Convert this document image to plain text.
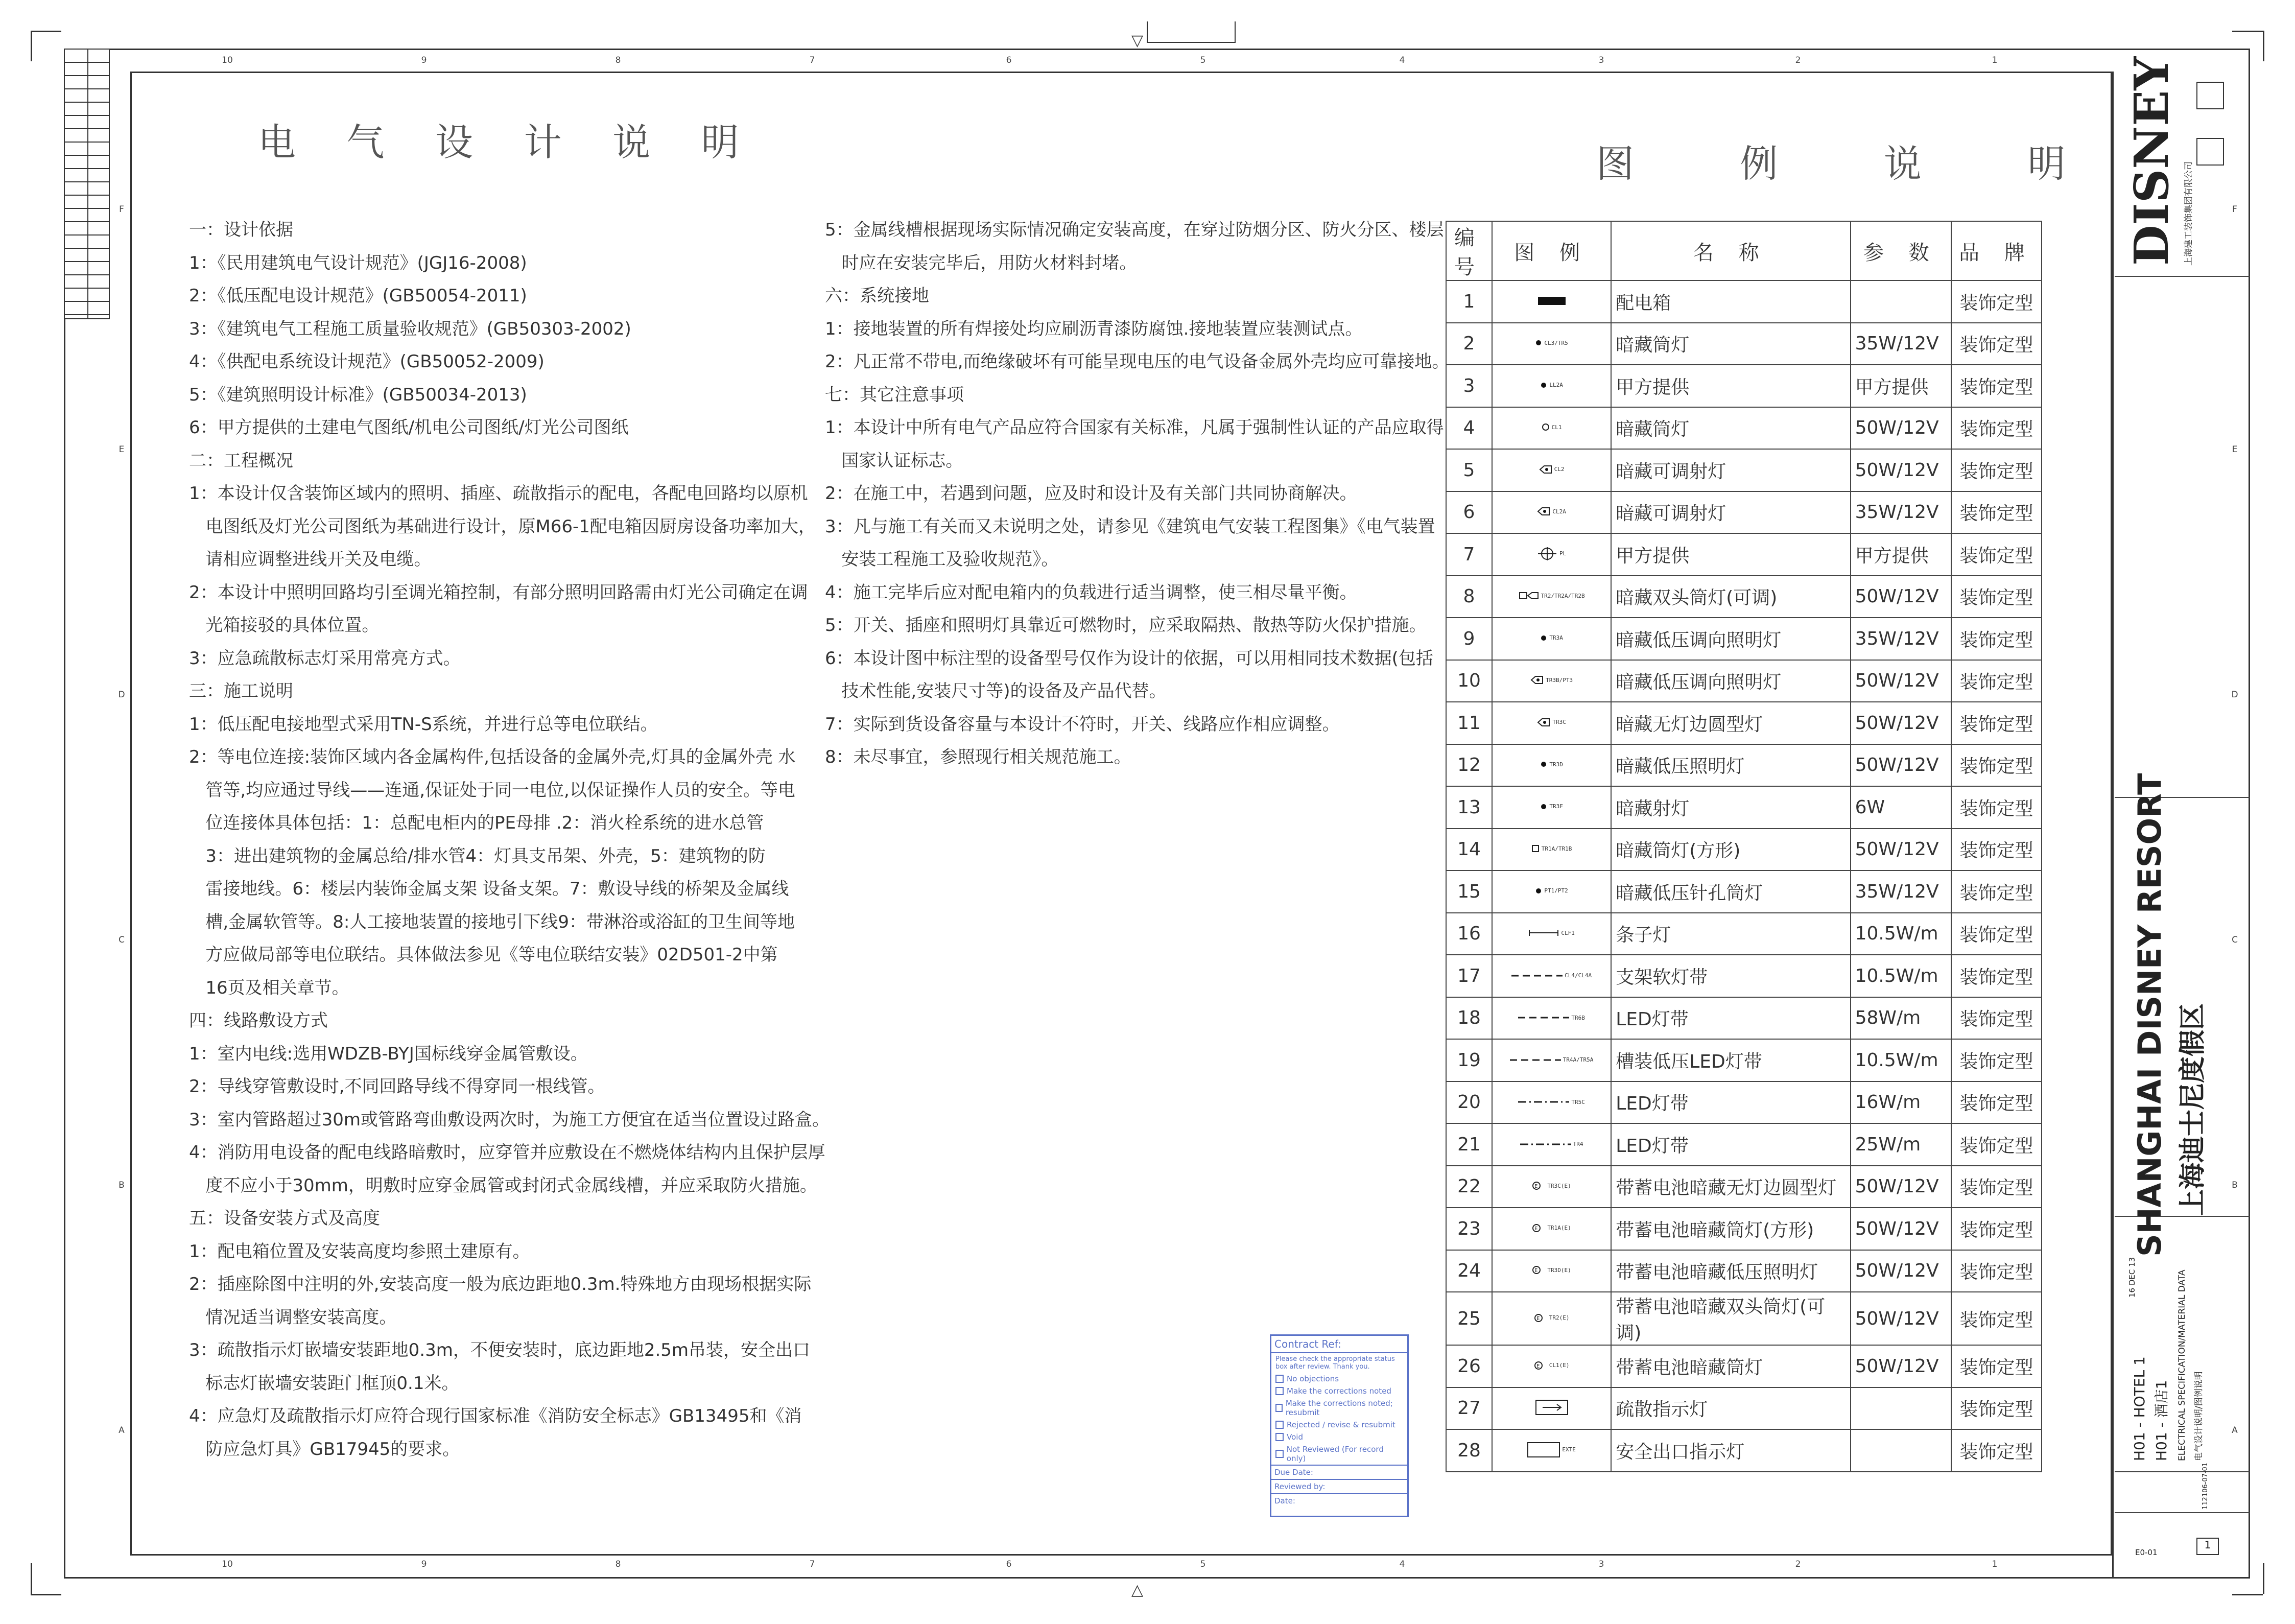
▽
△
10	9	8	7	6	5	4	3	2	1
10	9	8	7	6	5	4	3	2	1
F
E
D
C
B
A
F
E
D
C
B
A
电 气 设 计 说 明	图 例 说 明
一：设计依据
1：《民用建筑电气设计规范》(JGJ16-2008)
2：《低压配电设计规范》(GB50054-2011)
3：《建筑电气工程施工质量验收规范》(GB50303-2002)
4：《供配电系统设计规范》(GB50052-2009)
5：《建筑照明设计标准》(GB50034-2013)
6：甲方提供的土建电气图纸/机电公司图纸/灯光公司图纸
二：工程概况
1：本设计仅含装饰区域内的照明、插座、疏散指示的配电，各配电回路均以原机
电图纸及灯光公司图纸为基础进行设计，原M66-1配电箱因厨房设备功率加大，
请相应调整进线开关及电缆。
2：本设计中照明回路均引至调光箱控制，有部分照明回路需由灯光公司确定在调
光箱接驳的具体位置。
3：应急疏散标志灯采用常亮方式。
三：施工说明
1：低压配电接地型式采用TN-S系统，并进行总等电位联结。
2：等电位连接:装饰区域内各金属构件,包括设备的金属外壳,灯具的金属外壳 水
管等,均应通过导线——连通,保证处于同一电位,以保证操作人员的安全。等电
位连接体具体包括：1：总配电柜内的PE母排 .2：消火栓系统的进水总管
3：进出建筑物的金属总给/排水管4：灯具支吊架、外壳，5：建筑物的防
雷接地线。6：楼层内装饰金属支架 设备支架。7：敷设导线的桥架及金属线
槽,金属软管等。8:人工接地装置的接地引下线9：带淋浴或浴缸的卫生间等地
方应做局部等电位联结。具体做法参见《等电位联结安装》02D501-2中第
16页及相关章节。
四：线路敷设方式
1：室内电线:选用WDZB-BYJ国标线穿金属管敷设。
2：导线穿管敷设时,不同回路导线不得穿同一根线管。
3：室内管路超过30m或管路弯曲敷设两次时，为施工方便宜在适当位置设过路盒。
4：消防用电设备的配电线路暗敷时，应穿管并应敷设在不燃烧体结构内且保护层厚
度不应小于30mm，明敷时应穿金属管或封闭式金属线槽，并应采取防火措施。
五：设备安装方式及高度
1：配电箱位置及安装高度均参照土建原有。
2：插座除图中注明的外,安装高度一般为底边距地0.3m.特殊地方由现场根据实际
情况适当调整安装高度。
3：疏散指示灯嵌墙安装距地0.3m，不便安装时，底边距地2.5m吊装，安全出口
标志灯嵌墙安装距门框顶0.1米。
4：应急灯及疏散指示灯应符合现行国家标准《消防安全标志》GB13495和《消
防应急灯具》GB17945的要求。
5：金属线槽根据现场实际情况确定安装高度，在穿过防烟分区、防火分区、楼层
时应在安装完毕后，用防火材料封堵。
六：系统接地
1：接地装置的所有焊接处均应刷沥青漆防腐蚀.接地装置应装测试点。
2：凡正常不带电,而绝缘破坏有可能呈现电压的电气设备金属外壳均应可靠接地。
七：其它注意事项
1：本设计中所有电气产品应符合国家有关标准，凡属于强制性认证的产品应取得
国家认证标志。
2：在施工中，若遇到问题，应及时和设计及有关部门共同协商解决。
3：凡与施工有关而又未说明之处，请参见《建筑电气安装工程图集》《电气装置
安装工程施工及验收规范》。
4：施工完毕后应对配电箱内的负载进行适当调整，使三相尽量平衡。
5：开关、插座和照明灯具靠近可燃物时，应采取隔热、散热等防火保护措施。
6：本设计图中标注型的设备型号仅作为设计的依据，可以用相同技术数据(包括
技术性能,安装尺寸等)的设备及产品代替。
7：实际到货设备容量与本设计不符时，开关、线路应作相应调整。
8：未尽事宜，参照现行相关规范施工。
编号	图 例	名 称	参 数	品 牌
1		配电箱		装饰定型
2	CL3/TR5	暗藏筒灯	35W/12V	装饰定型
3	LL2A	甲方提供	甲方提供	装饰定型
4	CL1	暗藏筒灯	50W/12V	装饰定型
5	CL2	暗藏可调射灯	50W/12V	装饰定型
6	CL2A	暗藏可调射灯	35W/12V	装饰定型
7	PL	甲方提供	甲方提供	装饰定型
8	TR2/TR2A/TR2B	暗藏双头筒灯(可调)	50W/12V	装饰定型
9	TR3A	暗藏低压调向照明灯	35W/12V	装饰定型
10	TR3B/PT3	暗藏低压调向照明灯	50W/12V	装饰定型
11	TR3C	暗藏无灯边圆型灯	50W/12V	装饰定型
12	TR3D	暗藏低压照明灯	50W/12V	装饰定型
13	TR3F	暗藏射灯	6W	装饰定型
14	TR1A/TR1B	暗藏筒灯(方形)	50W/12V	装饰定型
15	PT1/PT2	暗藏低压针孔筒灯	35W/12V	装饰定型
16	CLF1	条子灯	10.5W/m	装饰定型
17	CL4/CL4A	支架软灯带	10.5W/m	装饰定型
18	TR6B	LED灯带	58W/m	装饰定型
19	TR4A/TR5A	槽装低压LED灯带	10.5W/m	装饰定型
20	TR5C	LED灯带	16W/m	装饰定型
21	TR4	LED灯带	25W/m	装饰定型
22	E TR3C(E)	带蓄电池暗藏无灯边圆型灯	50W/12V	装饰定型
23	E TR1A(E)	带蓄电池暗藏筒灯(方形)	50W/12V	装饰定型
24	E TR3D(E)	带蓄电池暗藏低压照明灯	50W/12V	装饰定型
25	E TR2(E)	带蓄电池暗藏双头筒灯(可调)	50W/12V	装饰定型
26	E CL1(E)	带蓄电池暗藏筒灯	50W/12V	装饰定型
27		疏散指示灯		装饰定型
28	EXTE	安全出口指示灯		装饰定型
Contract Ref:
Please check the appropriate status box after review. Thank you.
No objections
Make the corrections noted
Make the corrections noted; resubmit
Rejected / revise & resubmit
Void
Not Reviewed (For record only)
Due Date:
Reviewed by:
Date:
DISNEY 上海建工装饰集团有限公司
SHANGHAI DISNEY RESORT 上海迪士尼度假区
H01 - HOTEL 1 H01 - 酒店1 ELECTRICAL SPECIFICATION/MATERIAL DATA 电气设计说明/图例说明
16 DEC 13
112106-07-01
E0-01
1
